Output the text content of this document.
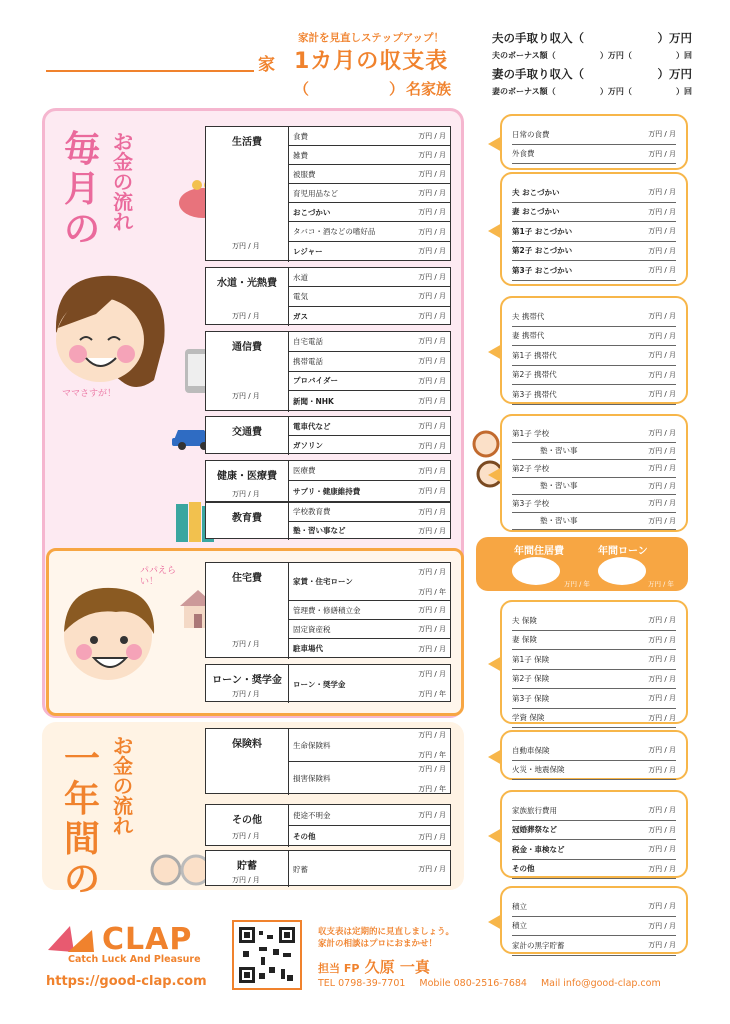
家計を見直しステップアップ！
家 1カ月の収支表
（	） 名家族
夫の手取り収入（	）万円
夫のボーナス額（	）万円（	）回
妻の手取り収入（	）万円
妻のボーナス額（	）万円（	）回
毎
月
の
お
金
の
流
れ
一
年
間
の
お
金
の
流
れ
ママさすが！
パパえらい！
生活費
万円 / 月
食費	万円 / 月
雑費	万円 / 月
被服費	万円 / 月
育児用品など	万円 / 月
おこづかい	万円 / 月
タバコ・酒などの嗜好品	万円 / 月
レジャー	万円 / 月
水道・光熱費
万円 / 月
水道	万円 / 月
電気	万円 / 月
ガス	万円 / 月
通信費
万円 / 月
自宅電話	万円 / 月
携帯電話	万円 / 月
プロバイダー	万円 / 月
新聞・NHK	万円 / 月
交通費
電車代など	万円 / 月
ガソリン	万円 / 月
健康・医療費
万円 / 月
医療費	万円 / 月
サプリ・健康維持費	万円 / 月
教育費
学校教育費	万円 / 月
塾・習い事など	万円 / 月
住宅費
万円 / 月
家賃・住宅ローン
万円 / 月
万円 / 年
管理費・修繕積立金	万円 / 月
固定資産税	万円 / 月
駐車場代	万円 / 月
ローン・奨学金
万円 / 月
ローン・奨学金
万円 / 月
万円 / 年
保険料	生命保険料
万円 / 月
万円 / 年
損害保険料
万円 / 月
万円 / 年
その他
万円 / 月
使途不明金	万円 / 月
その他	万円 / 月
貯蓄
万円 / 月
貯蓄	万円 / 月
日常の食費	万円 / 月
外食費	万円 / 月
夫 おこづかい	万円 / 月
妻 おこづかい	万円 / 月
第1子 おこづかい	万円 / 月
第2子 おこづかい	万円 / 月
第3子 おこづかい	万円 / 月
夫 携帯代	万円 / 月
妻 携帯代	万円 / 月
第1子 携帯代	万円 / 月
第2子 携帯代	万円 / 月
第3子 携帯代	万円 / 月
第1子 学校	万円 / 月
塾・習い事	万円 / 月
第2子 学校	万円 / 月
塾・習い事	万円 / 月
第3子 学校	万円 / 月
塾・習い事	万円 / 月
夫 保険	万円 / 月
妻 保険	万円 / 月
第1子 保険	万円 / 月
第2子 保険	万円 / 月
第3子 保険	万円 / 月
学資 保険	万円 / 月
自動車保険	万円 / 月
火災・地震保険	万円 / 月
家族旅行費用	万円 / 月
冠婚葬祭など	万円 / 月
税金・車検など	万円 / 月
その他	万円 / 月
積立	万円 / 月
積立	万円 / 月
家計の黒字貯蓄	万円 / 月
年間住居費	年間ローン
万円 / 年	万円 / 年
CLAP
Catch Luck And Pleasure
https://good-clap.com
収支表は定期的に見直しましょう。
家計の相談はプロにおまかせ！
担当 FP 久原 一真
TEL 0798-39-7701 Mobile 080-2516-7684 Mail info@good-clap.com
